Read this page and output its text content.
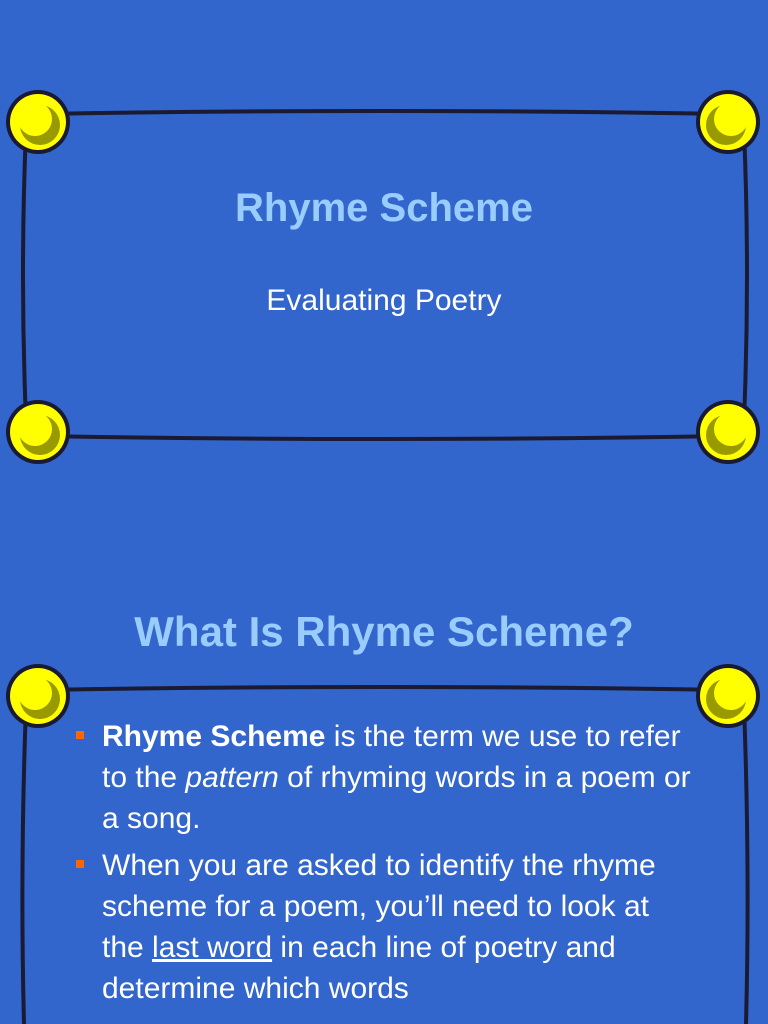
Rhyme Scheme
Evaluating Poetry
What Is Rhyme Scheme?
Rhyme Scheme is the term we use to refer to the pattern of rhyming words in a poem or a song.
When you are asked to identify the rhyme scheme for a poem, you’ll need to look at the last word in each line of poetry and determine which words
